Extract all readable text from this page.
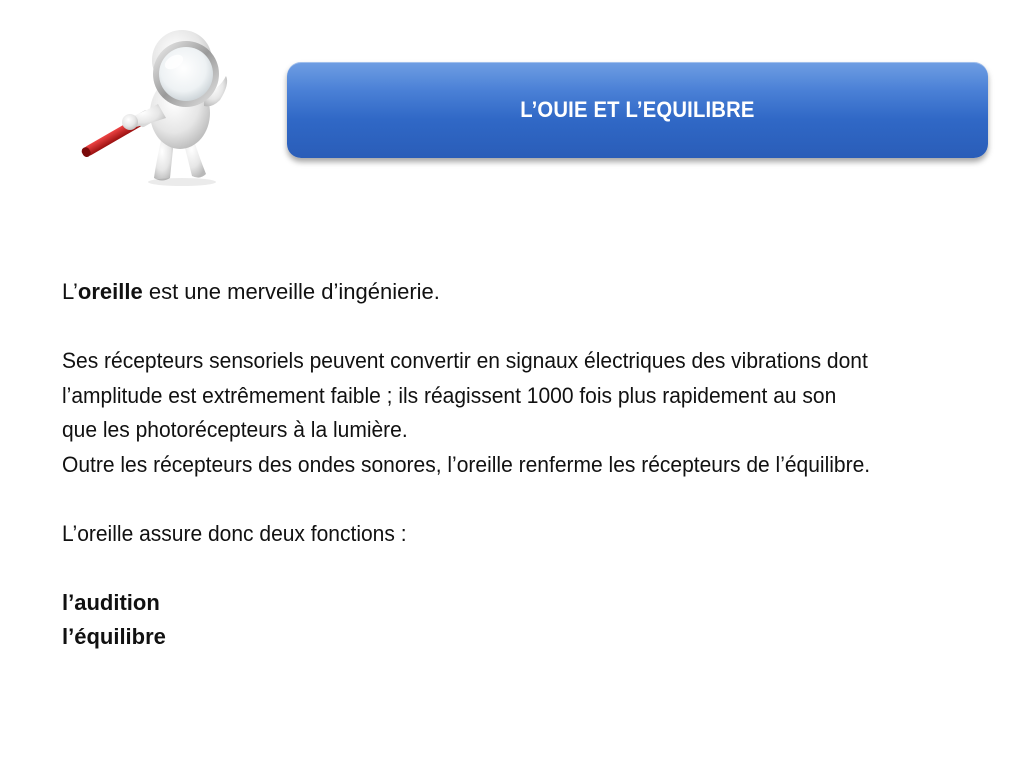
L’OUIE ET L’EQUILIBRE

L’oreille est une merveille d’ingénierie.

Ses récepteurs sensoriels peuvent convertir en signaux électriques des vibrations dont

l’amplitude est extrêmement faible ; ils réagissent 1000 fois plus rapidement au son

que les photorécepteurs à la lumière.

Outre les récepteurs des ondes sonores, l’oreille renferme les récepteurs de l’équilibre.

L’oreille assure donc deux fonctions :

l’audition

l’équilibre
